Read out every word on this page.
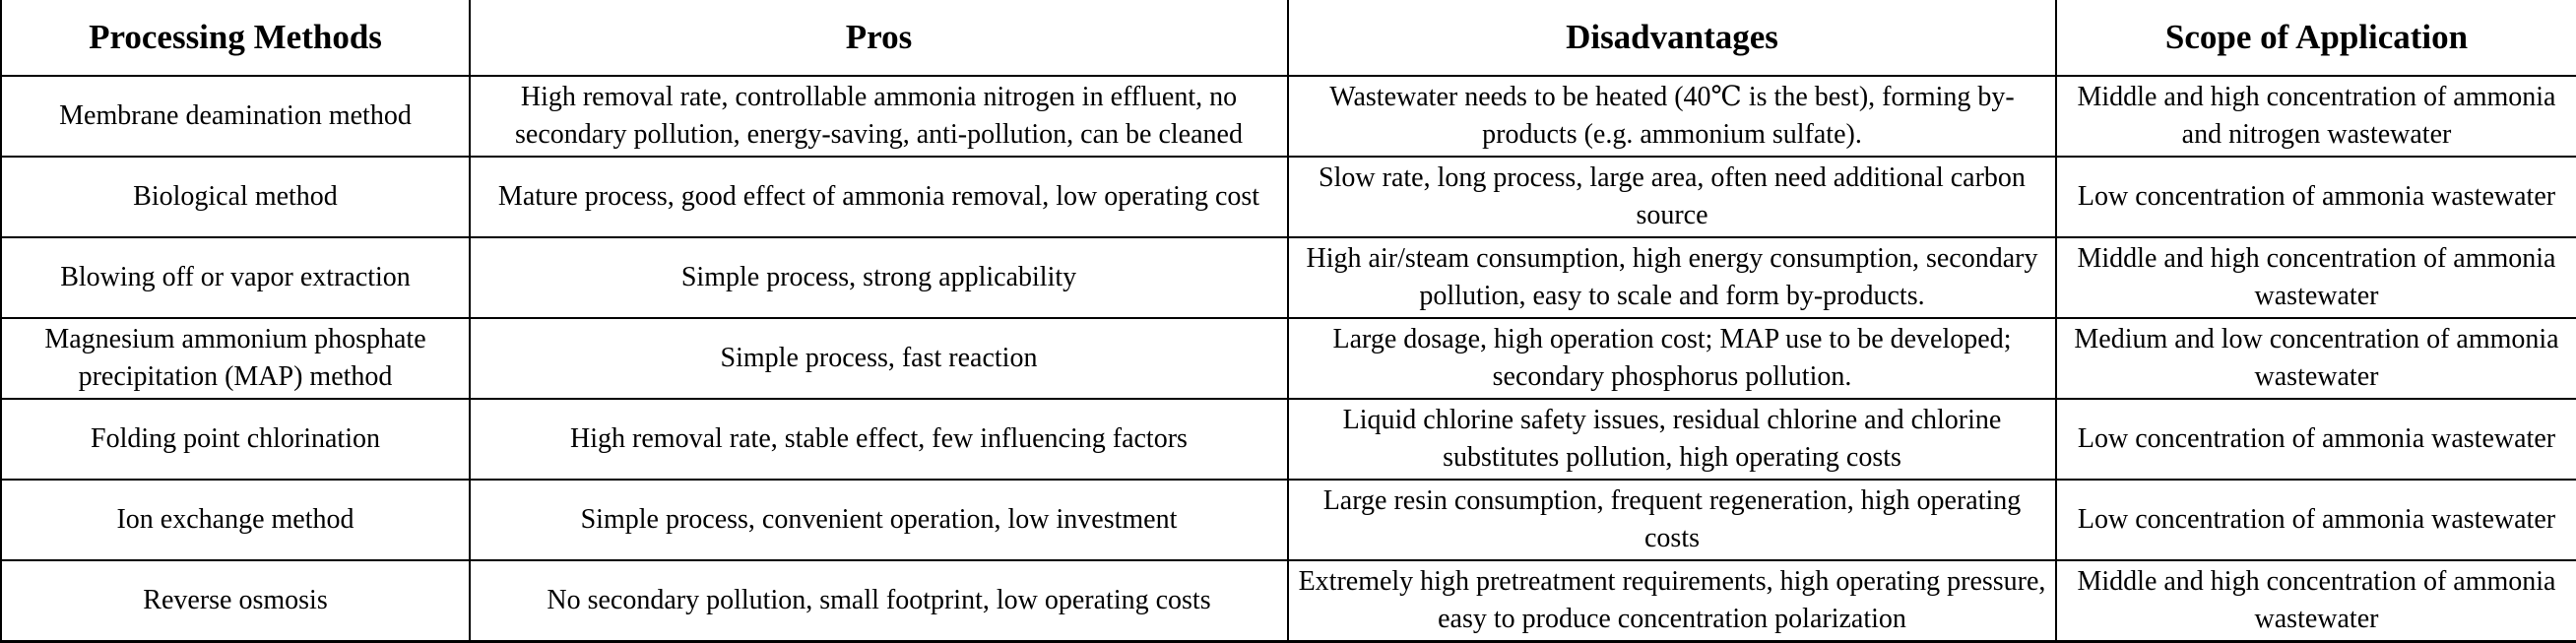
Processing Methods	Pros	Disadvantages	Scope of Application
Membrane deamination method	High removal rate, controllable ammonia nitrogen in effluent, no secondary pollution, energy-saving, anti-pollution, can be cleaned	Wastewater needs to be heated (40℃ is the best), forming by-products (e.g. ammonium sulfate).	Middle and high concentration of ammonia and nitrogen wastewater
Biological method	Mature process, good effect of ammonia removal, low operating cost	Slow rate, long process, large area, often need additional carbon source	Low concentration of ammonia wastewater
Blowing off or vapor extraction	Simple process, strong applicability	High air/steam consumption, high energy consumption, secondary pollution, easy to scale and form by-products.	Middle and high concentration of ammonia wastewater
Magnesium ammonium phosphate precipitation (MAP) method	Simple process, fast reaction	Large dosage, high operation cost; MAP use to be developed; secondary phosphorus pollution.	Medium and low concentration of ammonia wastewater
Folding point chlorination	High removal rate, stable effect, few influencing factors	Liquid chlorine safety issues, residual chlorine and chlorine substitutes pollution, high operating costs	Low concentration of ammonia wastewater
Ion exchange method	Simple process, convenient operation, low investment	Large resin consumption, frequent regeneration, high operating costs	Low concentration of ammonia wastewater
Reverse osmosis	No secondary pollution, small footprint, low operating costs	Extremely high pretreatment requirements, high operating pressure, easy to produce concentration polarization	Middle and high concentration of ammonia wastewater
